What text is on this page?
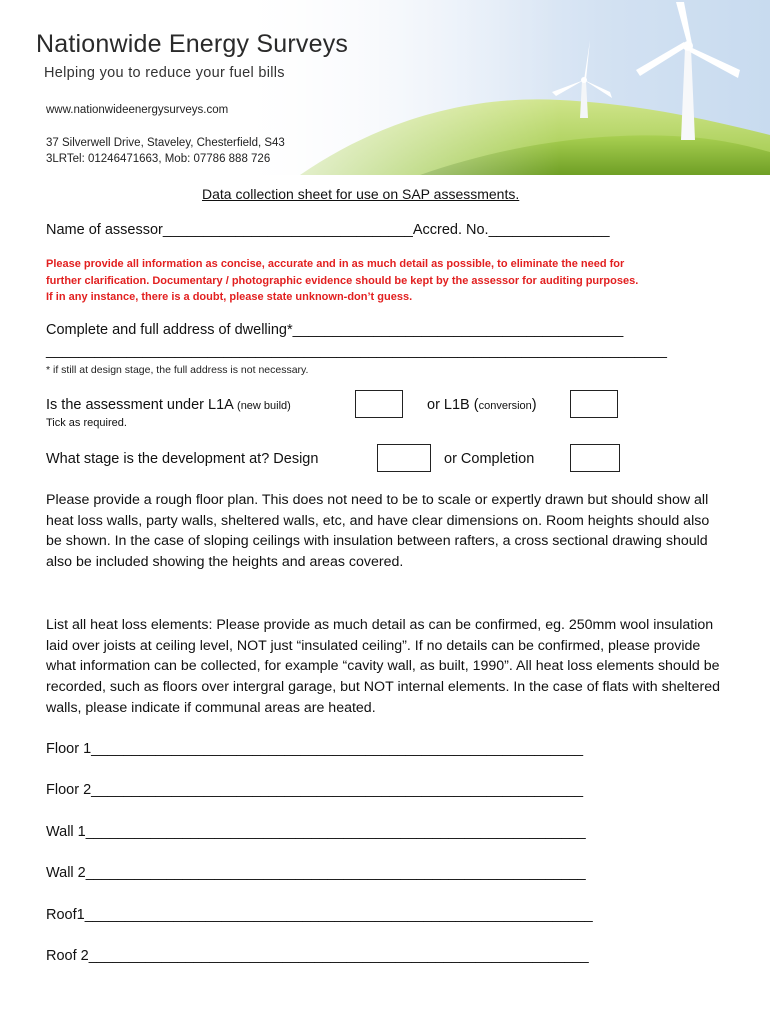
Nationwide Energy Surveys
Helping you to reduce your fuel bills
www.nationwideenergysurveys.com
37 Silverwell Drive, Staveley, Chesterfield, S43
3LRTel: 01246471663, Mob: 07786 888 726
Data collection sheet for use on SAP assessments.
Name of assessor_______________________________Accred. No._______________
Please provide all information as concise, accurate and in as much detail as possible, to eliminate the need for
further clarification. Documentary / photographic evidence should be kept by the assessor for auditing purposes.
If in any instance, there is a doubt, please state unknown-don’t guess.
Complete and full address of dwelling*_________________________________________
_____________________________________________________________________________
* if still at design stage, the full address is not necessary.
Is the assessment under L1A (new build)	or L1B (conversion)
Tick as required.
What stage is the development at? Design	or Completion
Please provide a rough floor plan. This does not need to be to scale or expertly drawn but should show all heat loss walls, party walls, sheltered walls, etc, and have clear dimensions on. Room heights should also be shown. In the case of sloping ceilings with insulation between rafters, a cross sectional drawing should also be included showing the heights and areas covered.
List all heat loss elements: Please provide as much detail as can be confirmed, eg. 250mm wool insulation laid over joists at ceiling level, NOT just “insulated ceiling”. If no details can be confirmed, please provide what information can be collected, for example “cavity wall, as built, 1990”. All heat loss elements should be recorded, such as floors over intergral garage, but NOT internal elements. In the case of flats with sheltered walls, please indicate if communal areas are heated.
Floor 1_____________________________________________________________
Floor 2_____________________________________________________________
Wall 1______________________________________________________________
Wall 2______________________________________________________________
Roof1_______________________________________________________________
Roof 2______________________________________________________________
